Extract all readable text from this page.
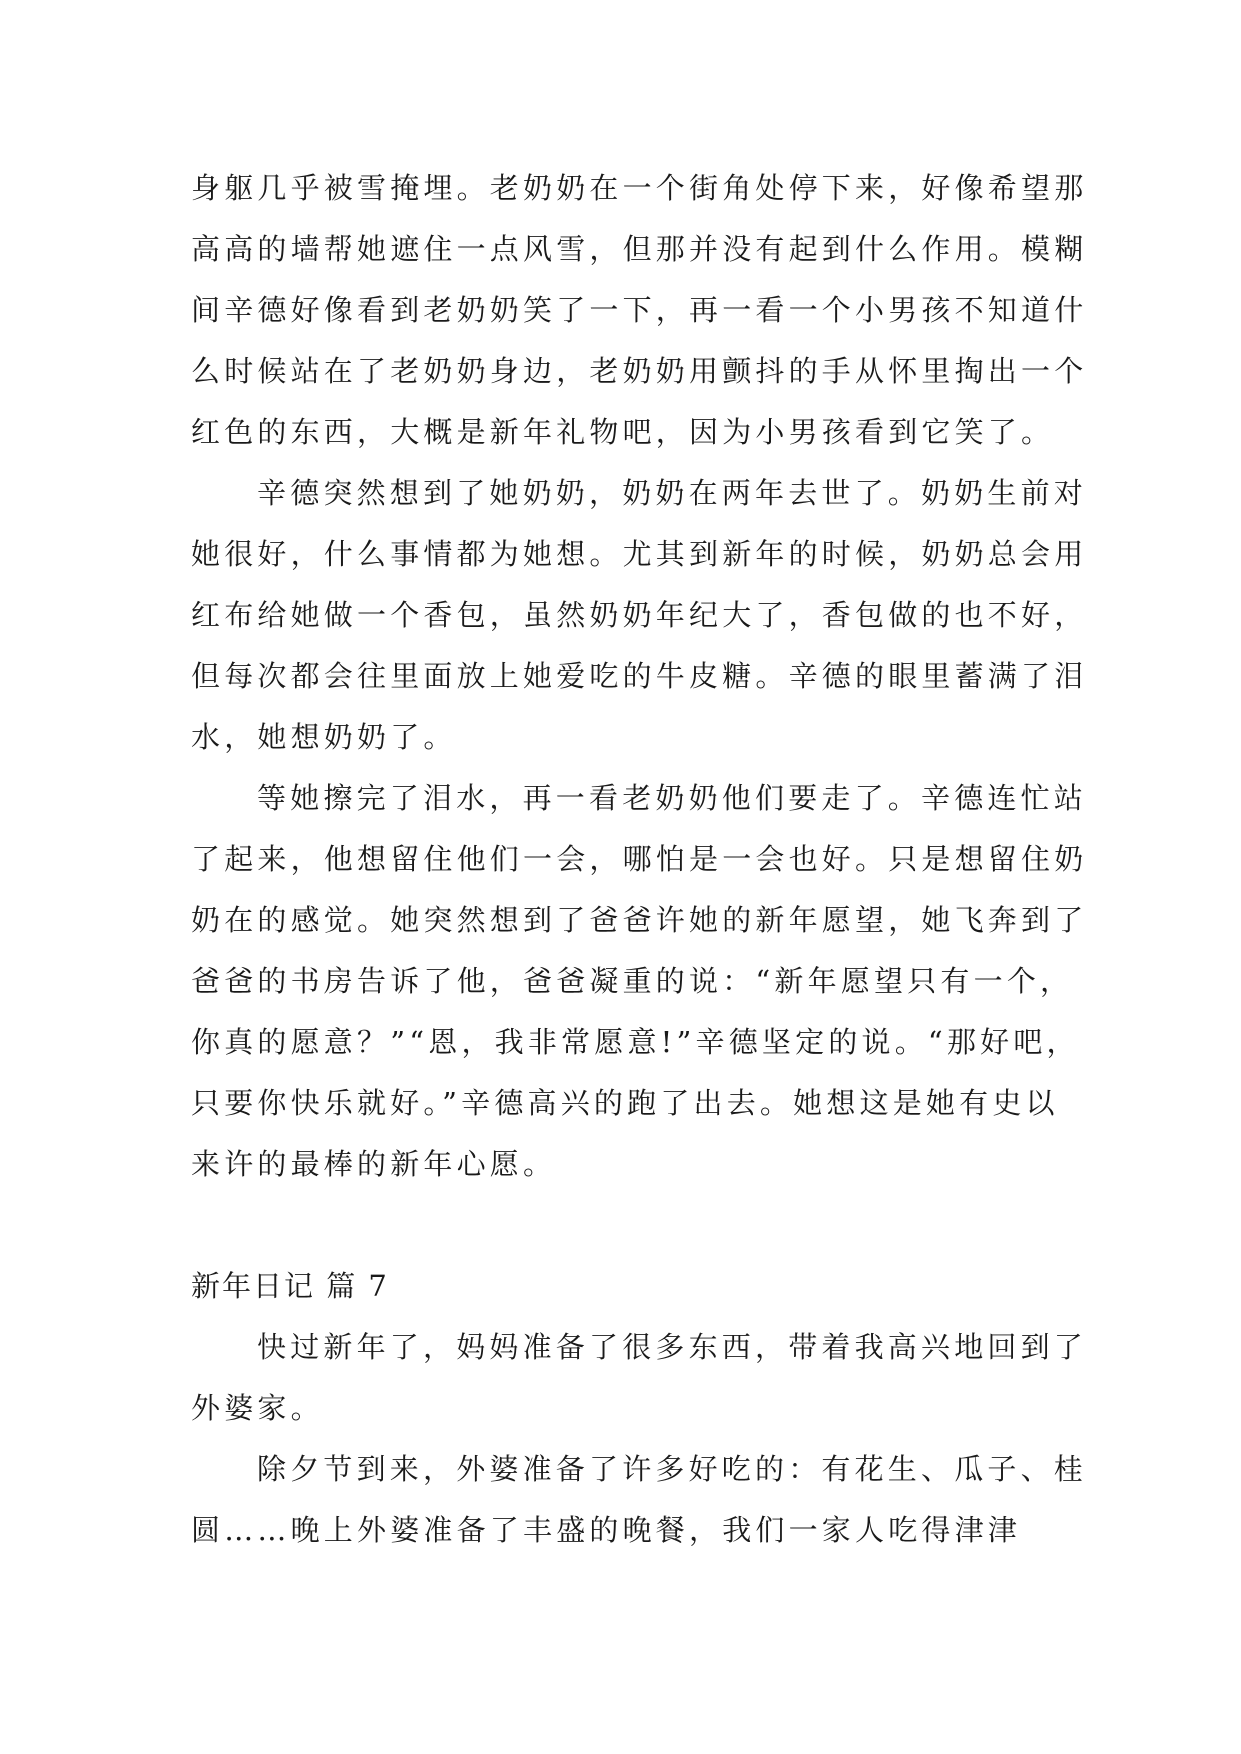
身躯几乎被雪掩埋。老奶奶在一个街角处停下来，好像希望那高高的墙帮她遮住一点风雪，但那并没有起到什么作用。模糊间辛德好像看到老奶奶笑了一下，再一看一个小男孩不知道什么时候站在了老奶奶身边，老奶奶用颤抖的手从怀里掏出一个红色的东西，大概是新年礼物吧，因为小男孩看到它笑了。

辛德突然想到了她奶奶，奶奶在两年去世了。奶奶生前对她很好，什么事情都为她想。尤其到新年的时候，奶奶总会用红布给她做一个香包，虽然奶奶年纪大了，香包做的也不好，但每次都会往里面放上她爱吃的牛皮糖。辛德的眼里蓄满了泪水，她想奶奶了。

等她擦完了泪水，再一看老奶奶他们要走了。辛德连忙站了起来，他想留住他们一会，哪怕是一会也好。只是想留住奶奶在的感觉。她突然想到了爸爸许她的新年愿望，她飞奔到了爸爸的书房告诉了他，爸爸凝重的说：“新年愿望只有一个，你真的愿意？”“恩，我非常愿意!”辛德坚定的说。“那好吧，只要你快乐就好。”辛德高兴的跑了出去。她想这是她有史以来许的最棒的新年心愿。

新年日记 篇 7

快过新年了，妈妈准备了很多东西，带着我高兴地回到了外婆家。

除夕节到来，外婆准备了许多好吃的：有花生、瓜子、桂圆……晚上外婆准备了丰盛的晚餐，我们一家人吃得津津
